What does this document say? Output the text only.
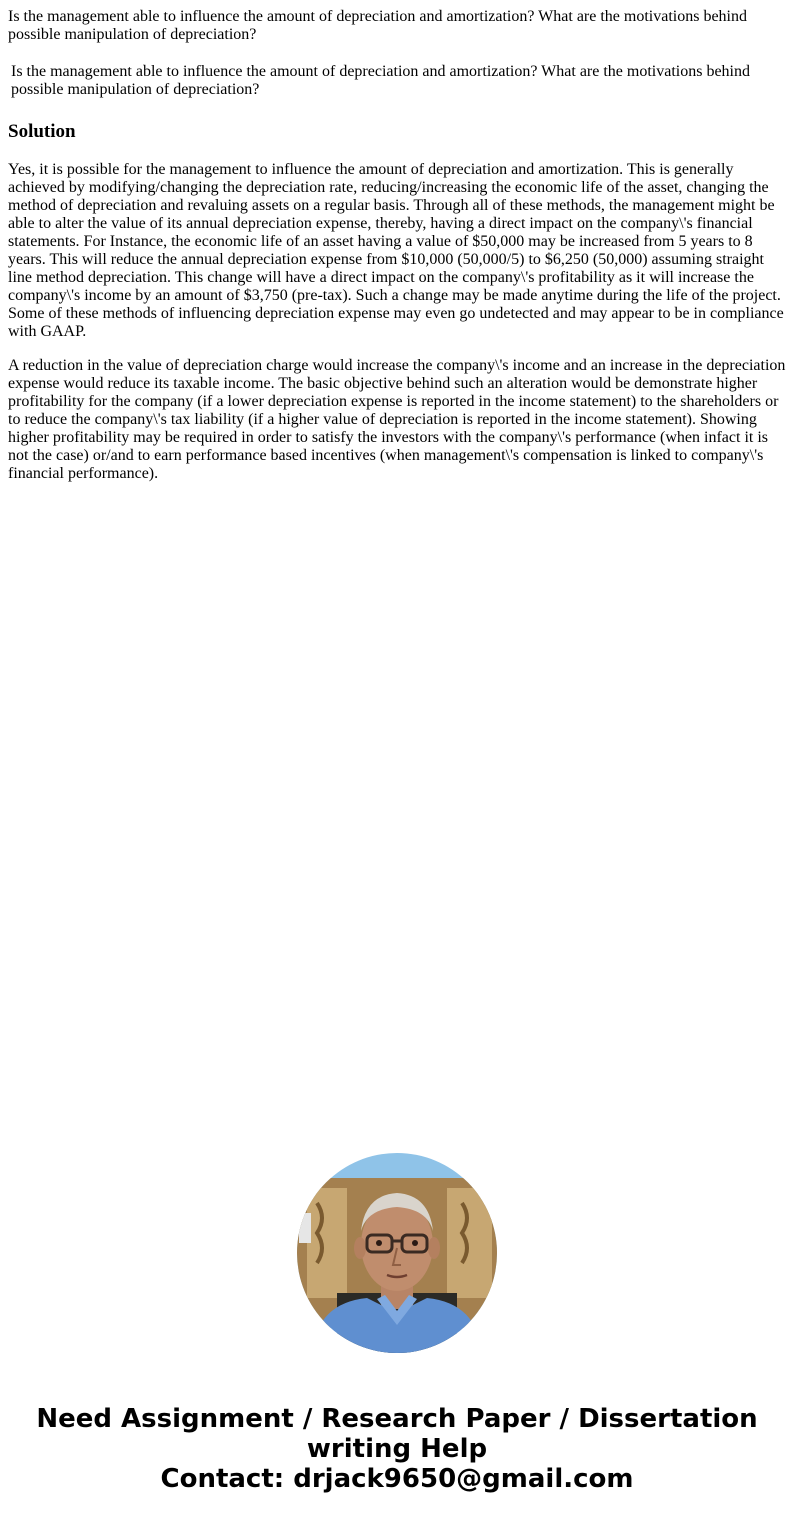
Is the management able to influence the amount of depreciation and amortization? What are the motivations behind possible manipulation of depreciation?
Is the management able to influence the amount of depreciation and amortization? What are the motivations behind possible manipulation of depreciation?
Solution

Yes, it is possible for the management to influence the amount of depreciation and amortization. This is generally achieved by modifying/changing the depreciation rate, reducing/increasing the economic life of the asset, changing the method of depreciation and revaluing assets on a regular basis. Through all of these methods, the management might be able to alter the value of its annual depreciation expense, thereby, having a direct impact on the company\'s financial statements. For Instance, the economic life of an asset having a value of $50,000 may be increased from 5 years to 8 years. This will reduce the annual depreciation expense from $10,000 (50,000/5) to $6,250 (50,000) assuming straight line method depreciation. This change will have a direct impact on the company\'s profitability as it will increase the company\'s income by an amount of $3,750 (pre-tax). Such a change may be made anytime during the life of the project. Some of these methods of influencing depreciation expense may even go undetected and may appear to be in compliance with GAAP.

A reduction in the value of depreciation charge would increase the company\'s income and an increase in the depreciation expense would reduce its taxable income. The basic objective behind such an alteration would be demonstrate higher profitability for the company (if a lower depreciation expense is reported in the income statement) to the shareholders or to reduce the company\'s tax liability (if a higher value of depreciation is reported in the income statement). Showing higher profitability may be required in order to satisfy the investors with the company\'s performance (when infact it is not the case) or/and to earn performance based incentives (when management\'s compensation is linked to company\'s financial performance).

Need Assignment / Research Paper / Dissertation
writing Help
Contact: drjack9650@gmail.com
